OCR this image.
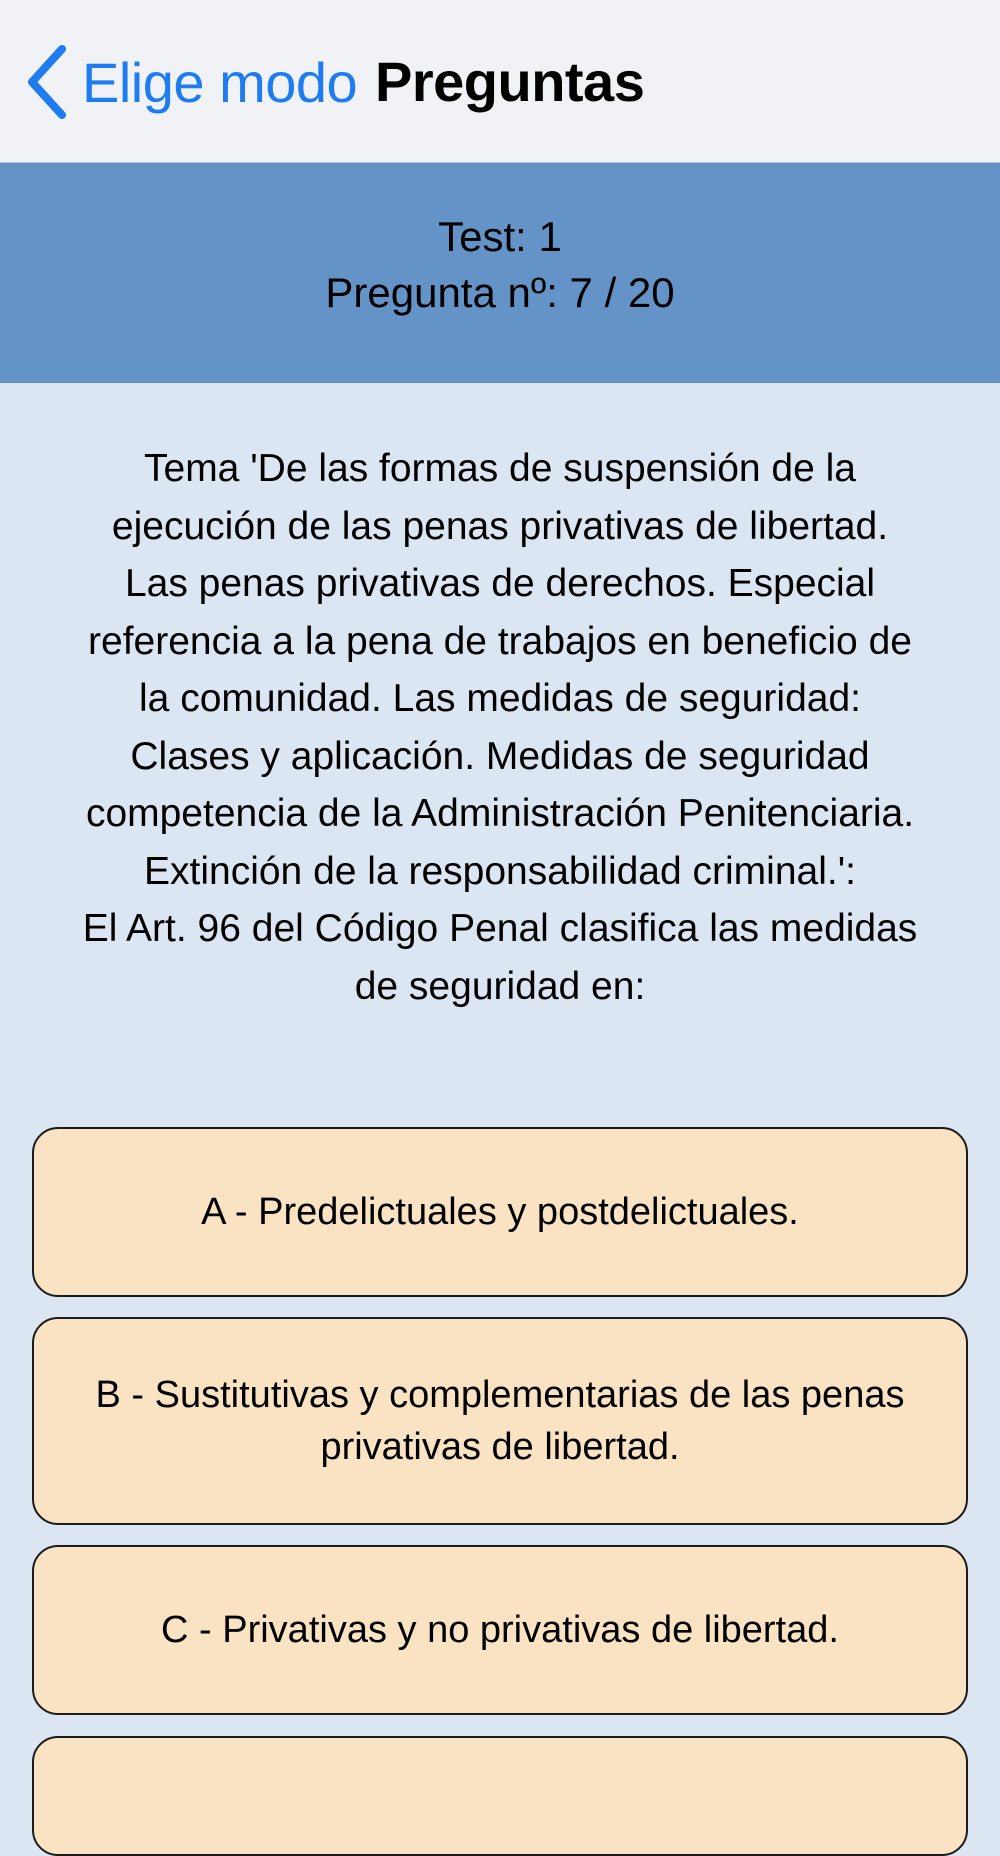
Elige modo Preguntas
Test: 1
Pregunta nº: 7 / 20
Tema 'De las formas de suspensión de la
ejecución de las penas privativas de libertad.
Las penas privativas de derechos. Especial
referencia a la pena de trabajos en beneficio de
la comunidad. Las medidas de seguridad:
Clases y aplicación. Medidas de seguridad
competencia de la Administración Penitenciaria.
Extinción de la responsabilidad criminal.':
El Art. 96 del Código Penal clasifica las medidas
de seguridad en:
A - Predelictuales y postdelictuales.
B - Sustitutivas y complementarias de las penas
privativas de libertad.
C - Privativas y no privativas de libertad.
